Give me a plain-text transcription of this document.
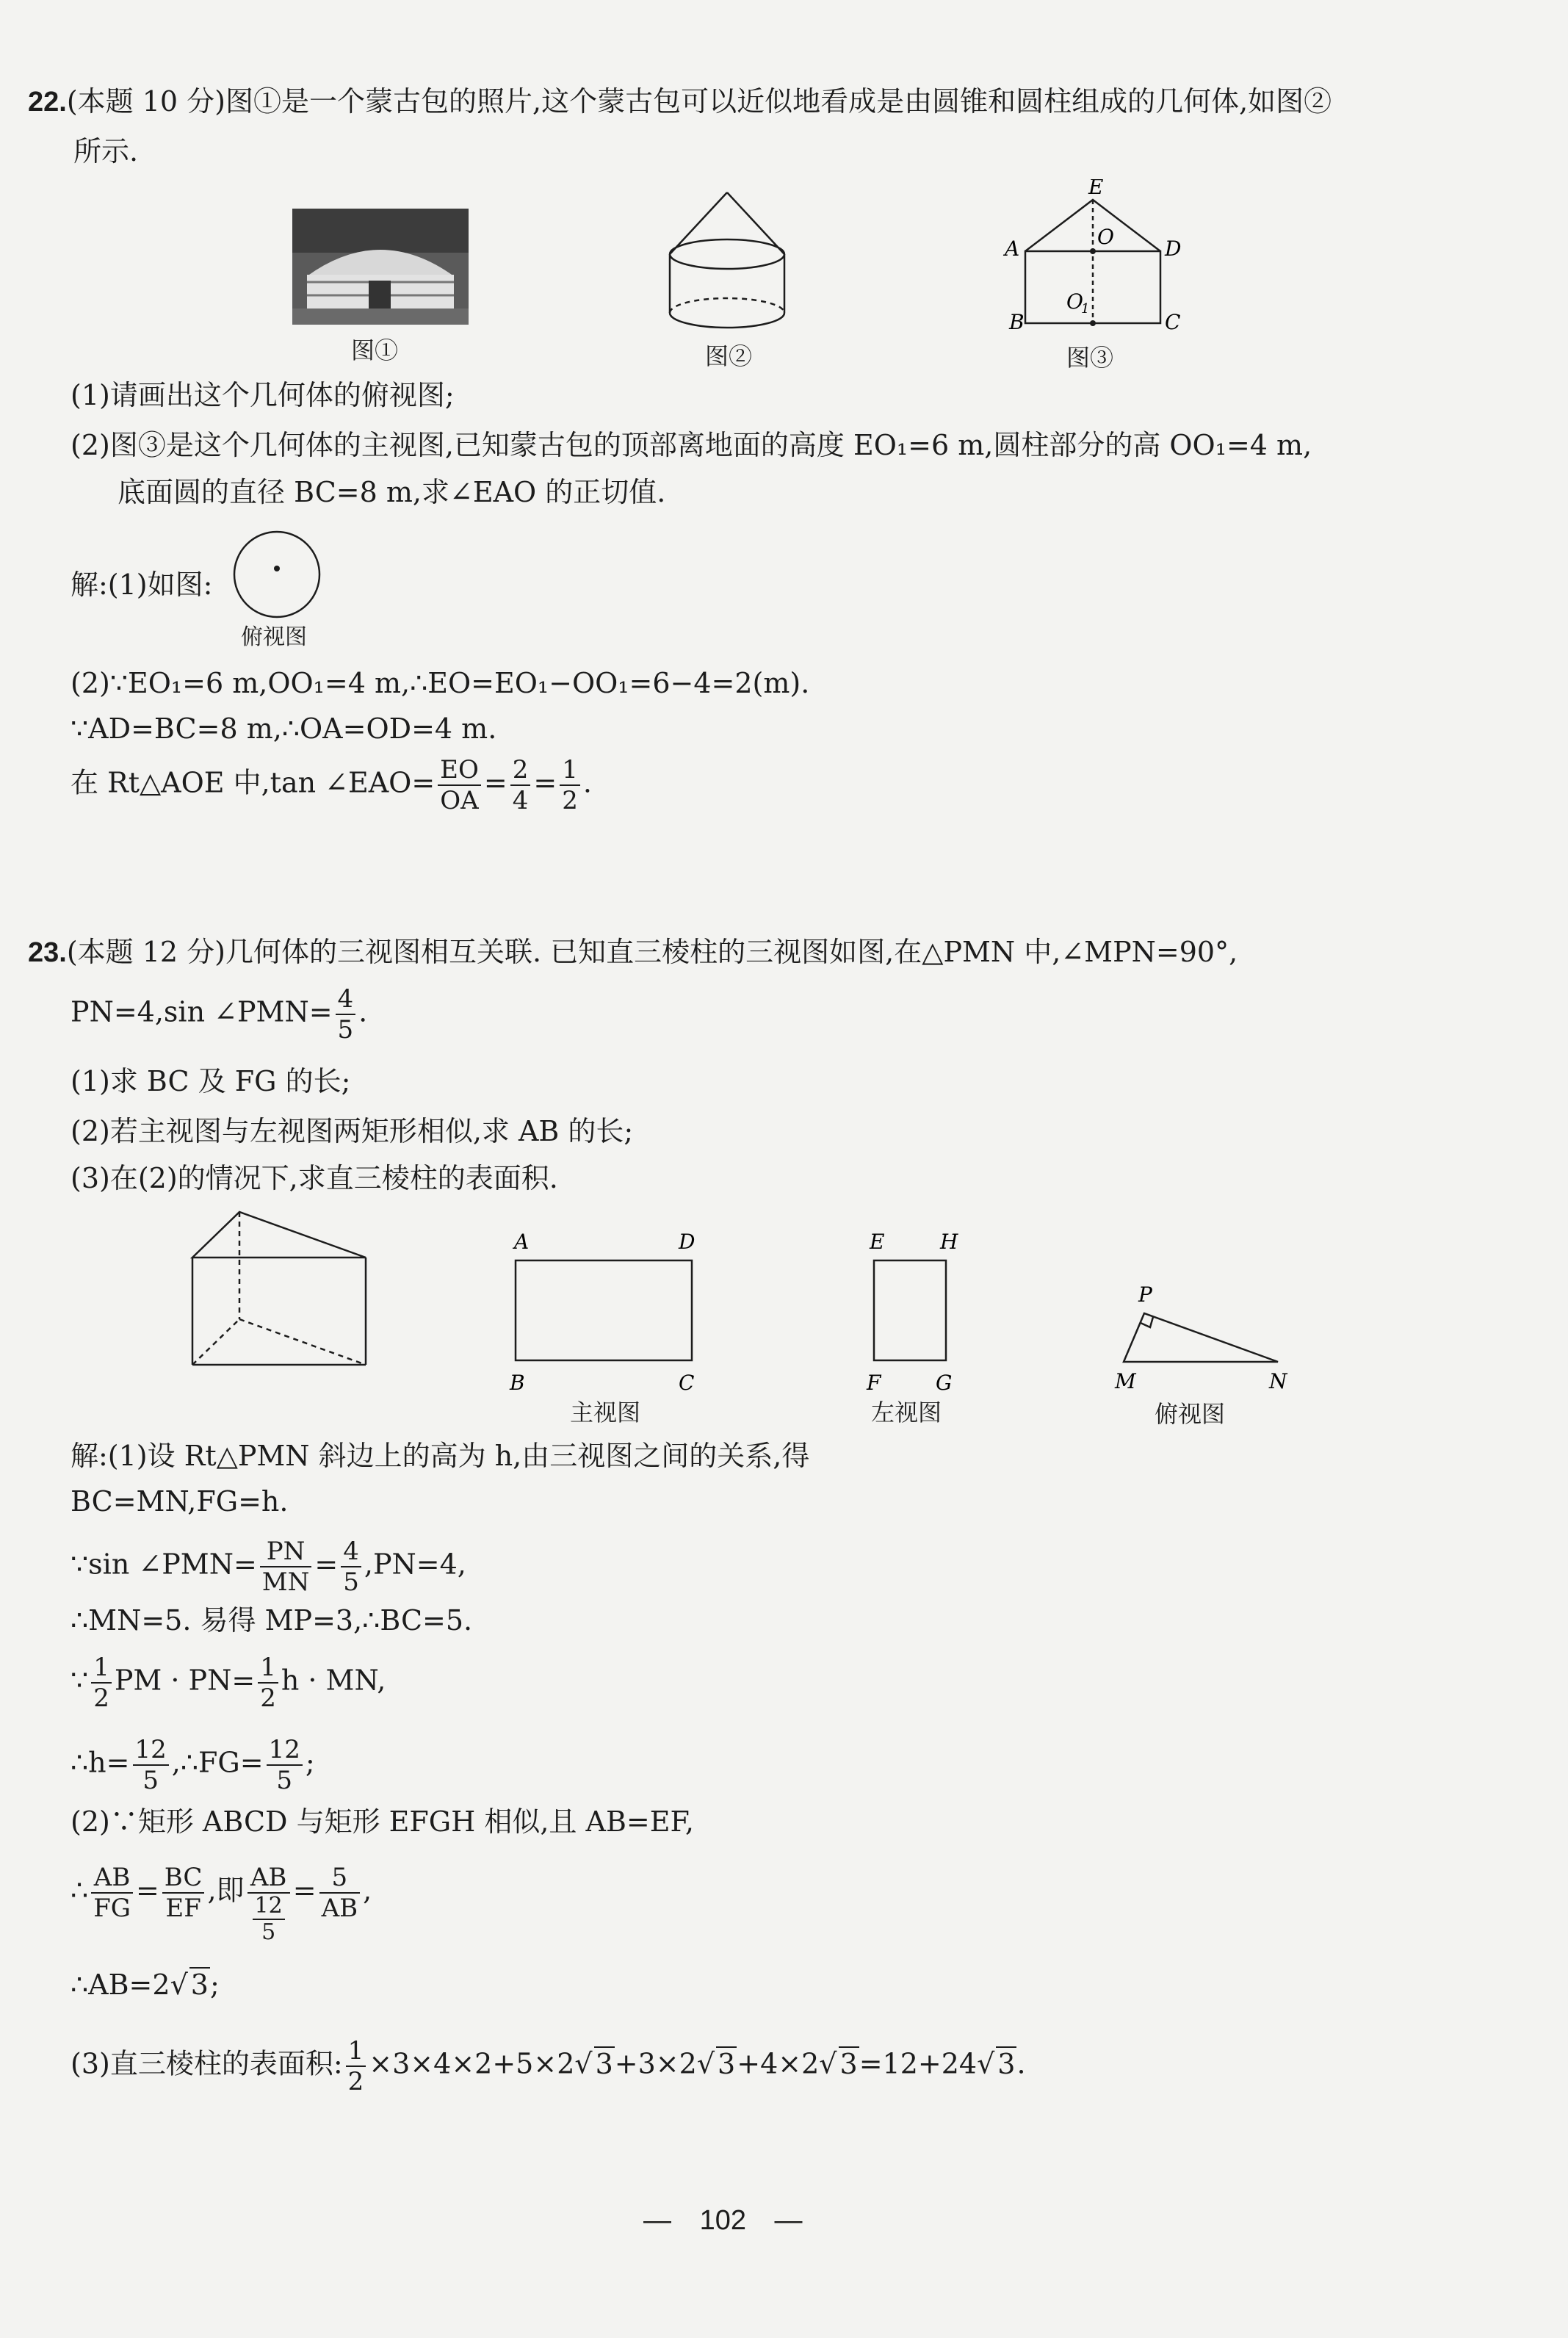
22.(本题 10 分)图①是一个蒙古包的照片,这个蒙古包可以近似地看成是由圆锥和圆柱组成的几何体,如图②
所示.
图①	图②
E
O
A	D
O
1
B	C
图③
(1)请画出这个几何体的俯视图;
(2)图③是这个几何体的主视图,已知蒙古包的顶部离地面的高度 EO₁=6 m,圆柱部分的高 OO₁=4 m,
底面圆的直径 BC=8 m,求∠EAO 的正切值.
解:(1)如图:
俯视图
(2)∵EO₁=6 m,OO₁=4 m,∴EO=EO₁−OO₁=6−4=2(m).
∵AD=BC=8 m,∴OA=OD=4 m.
在 Rt△AOE 中,tan ∠EAO= $\frac{EO}{OA} = \frac{2}{4} = \frac{1}{2}$ .
23.(本题 12 分)几何体的三视图相互关联. 已知直三棱柱的三视图如图,在△PMN 中,∠MPN=90°,
PN=4,sin ∠PMN= $\frac{4}{5}$ .
(1)求 BC 及 FG 的长;
(2)若主视图与左视图两矩形相似,求 AB 的长;
(3)在(2)的情况下,求直三棱柱的表面积.
A	D
B	C
主视图
E	H
F	G
左视图
P
M	N
俯视图
解:(1)设 Rt△PMN 斜边上的高为 h,由三视图之间的关系,得
BC=MN,FG=h.
∵sin ∠PMN= $\frac{PN}{MN} = \frac{4}{5} ,PN=4$,
∴MN=5. 易得 MP=3,∴BC=5.
∵ $\frac{1}{2}$ PM · $PN= \frac{1}{2}$ h · MN,
∴h= $\frac{12}{5}$ ,∴FG= $\frac{12}{5}$ ;
(2)∵矩形 ABCD 与矩形 EFGH 相似,且 AB=EF,
∴ $\frac{AB}{FG} = \frac{BC}{EF}$ ,即 $\frac{AB}{\frac{12}{5}} = \frac{5}{AB}$ ,
∴AB=2√ 3;
(3)直三棱柱的表面积: $\frac{1}{2} \times 3\times 4\times 2+5\times 2√$ 3+3×2√ 3+4×2√ 3=12+24√ 3.
— 102 —
